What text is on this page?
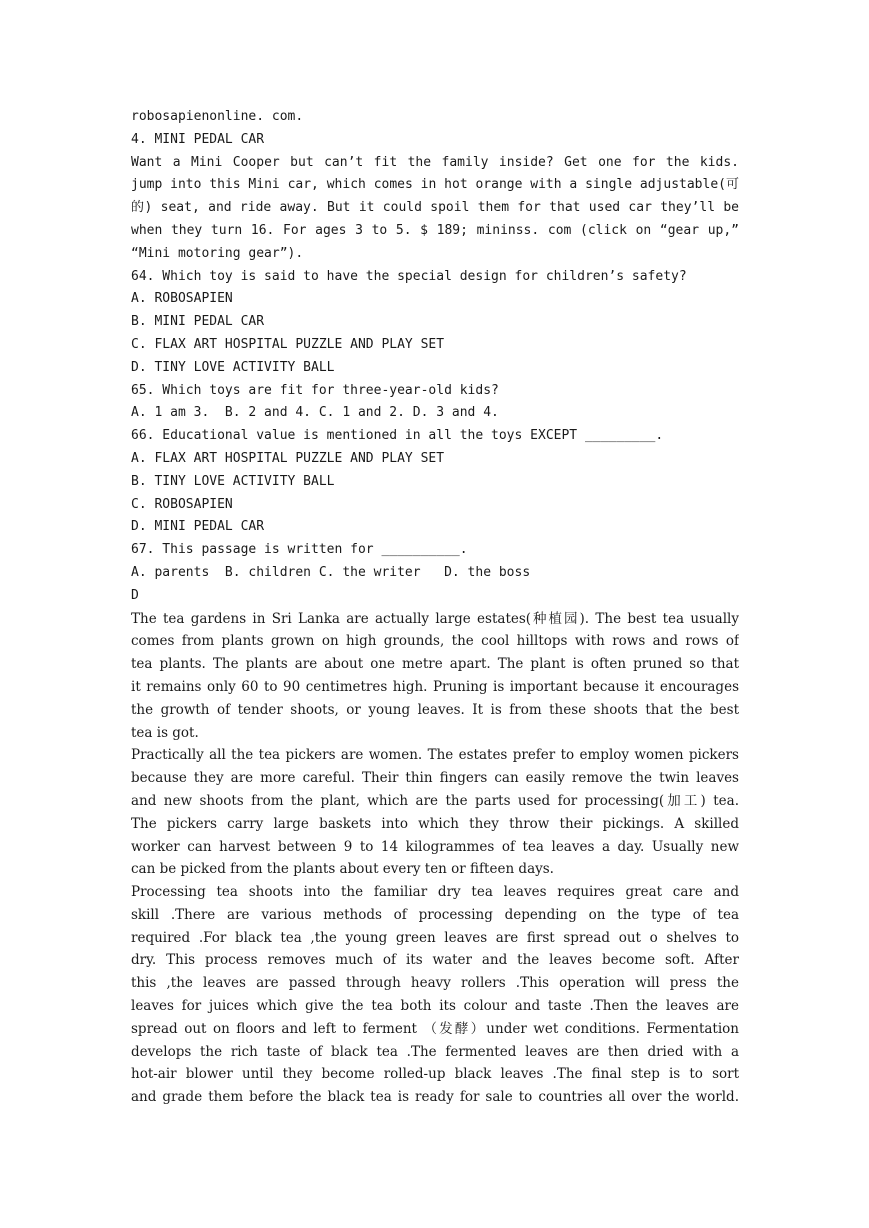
robosapienonline. com.
4. MINI PEDAL CAR
Want a Mini Cooper but can’t fit the family inside? Get one for the kids.
jump into this Mini car, which comes in hot orange with a single adjustable(可
的) seat, and ride away. But it could spoil them for that used car they’ll be
when they turn 16. For ages 3 to 5. $ 189; mininss. com (click on “gear up,”
“Mini motoring gear”).
64. Which toy is said to have the special design for children’s safety?
A. ROBOSAPIEN
B. MINI PEDAL CAR
C. FLAX ART HOSPITAL PUZZLE AND PLAY SET
D. TINY LOVE ACTIVITY BALL
65. Which toys are fit for three-year-old kids?
A. 1 am 3.  B. 2 and 4. C. 1 and 2. D. 3 and 4.
66. Educational value is mentioned in all the toys EXCEPT _________.
A. FLAX ART HOSPITAL PUZZLE AND PLAY SET
B. TINY LOVE ACTIVITY BALL
C. ROBOSAPIEN
D. MINI PEDAL CAR
67. This passage is written for __________.
A. parents  B. children C. the writer   D. the boss
D
The tea gardens in Sri Lanka are actually large estates(种植园). The best tea usually
comes from plants grown on high grounds, the cool hilltops with rows and rows of
tea plants. The plants are about one metre apart. The plant is often pruned so that
it remains only 60 to 90 centimetres high. Pruning is important because it encourages
the growth of tender shoots, or young leaves. It is from these shoots that the best
tea is got.
Practically all the tea pickers are women. The estates prefer to employ women pickers
because they are more careful. Their thin fingers can easily remove the twin leaves
and new shoots from the plant, which are the parts used for processing(加工) tea.
The pickers carry large baskets into which they throw their pickings. A skilled
worker can harvest between 9 to 14 kilogrammes of tea leaves a day. Usually new
can be picked from the plants about every ten or fifteen days.
Processing tea shoots into the familiar dry tea leaves requires great care and
skill .There are various methods of processing depending on the type of tea
required .For black tea ,the young green leaves are first spread out o shelves to
dry. This process removes much of its water and the leaves become soft. After
this ,the leaves are passed through heavy rollers .This operation will press the
leaves for juices which give the tea both its colour and taste .Then the leaves are
spread out on floors and left to ferment （发酵）under wet conditions. Fermentation
develops the rich taste of black tea .The fermented leaves are then dried with a
hot-air blower until they become rolled-up black leaves .The final step is to sort
and grade them before the black tea is ready for sale to countries all over the world.
